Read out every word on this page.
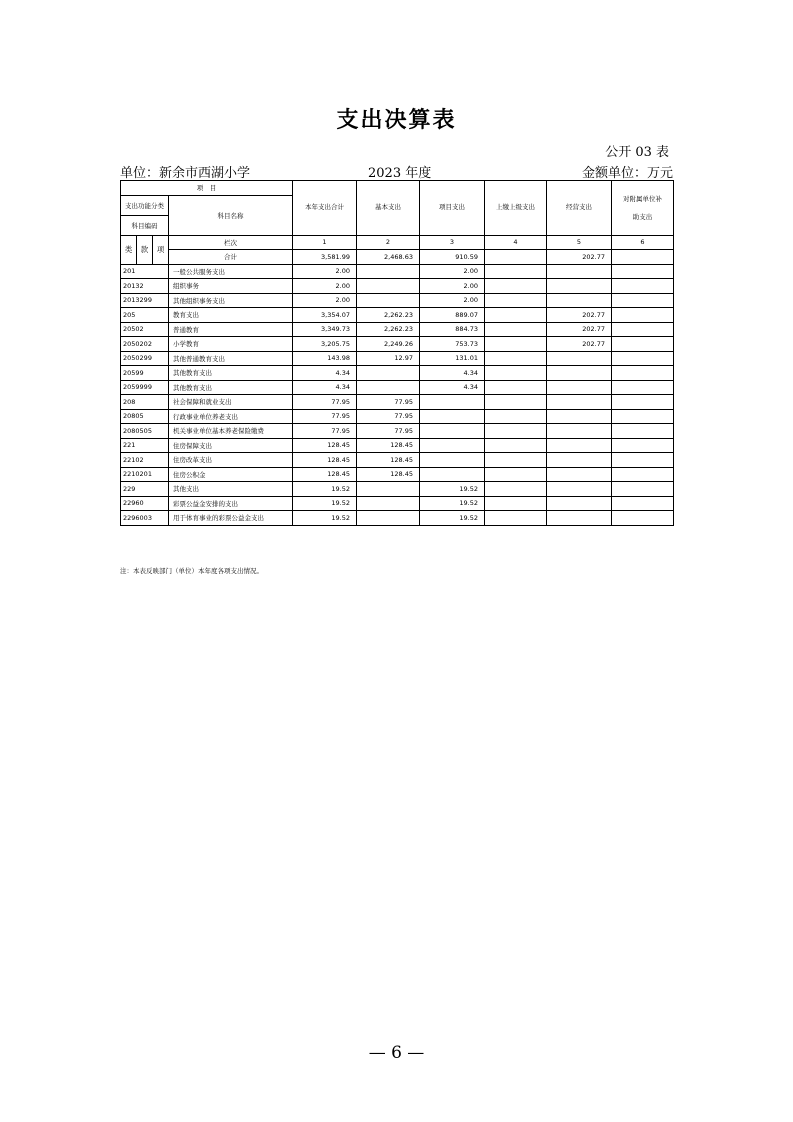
支出决算表
公开 03 表
单位：新余市西湖小学	2023 年度	金额单位：万元
项　目				本年支出合计	基本支出	项目支出	上缴上级支出	经营支出	对附属单位补助支出
支出功能分类			科目名称						
科目编码									
类	款	项	栏次	1	2	3	4	5	6
			合计	3,581.99	2,468.63	910.59		202.77	
201			一般公共服务支出	2.00		2.00			
20132			组织事务	2.00		2.00			
2013299			其他组织事务支出	2.00		2.00			
205			教育支出	3,354.07	2,262.23	889.07		202.77	
20502			普通教育	3,349.73	2,262.23	884.73		202.77	
2050202			小学教育	3,205.75	2,249.26	753.73		202.77	
2050299			其他普通教育支出	143.98	12.97	131.01			
20599			其他教育支出	4.34		4.34			
2059999			其他教育支出	4.34		4.34			
208			社会保障和就业支出	77.95	77.95				
20805			行政事业单位养老支出	77.95	77.95				
2080505			机关事业单位基本养老保险缴费	77.95	77.95				
221			住房保障支出	128.45	128.45				
22102			住房改革支出	128.45	128.45				
2210201			住房公积金	128.45	128.45				
229			其他支出	19.52		19.52			
22960			彩票公益金安排的支出	19.52		19.52			
2296003			用于体育事业的彩票公益金支出	19.52		19.52			
注：本表反映部门（单位）本年度各项支出情况。
— 6 —
